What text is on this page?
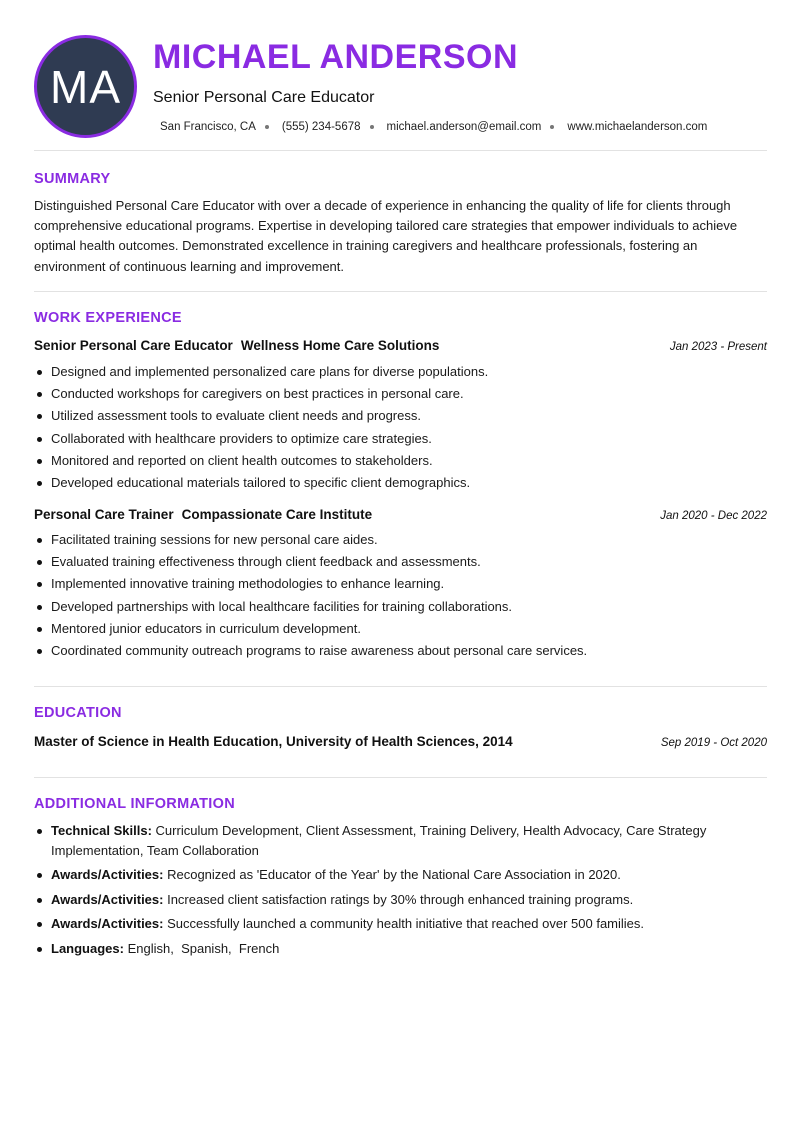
MA
MICHAEL ANDERSON
Senior Personal Care Educator
San Francisco, CA (555) 234-5678 michael.anderson@email.com www.michaelanderson.com
SUMMARY

Distinguished Personal Care Educator with over a decade of experience in enhancing the quality of life for clients through comprehensive educational programs. Expertise in developing tailored care strategies that empower individuals to achieve optimal health outcomes. Demonstrated excellence in training caregivers and healthcare professionals, fostering an environment of continuous learning and improvement.

WORK EXPERIENCE
Senior Personal Care Educator Wellness Home Care Solutions	Jan 2023 - Present
Designed and implemented personalized care plans for diverse populations.
Conducted workshops for caregivers on best practices in personal care.
Utilized assessment tools to evaluate client needs and progress.
Collaborated with healthcare providers to optimize care strategies.
Monitored and reported on client health outcomes to stakeholders.
Developed educational materials tailored to specific client demographics.
Personal Care Trainer Compassionate Care Institute	Jan 2020 - Dec 2022
Facilitated training sessions for new personal care aides.
Evaluated training effectiveness through client feedback and assessments.
Implemented innovative training methodologies to enhance learning.
Developed partnerships with local healthcare facilities for training collaborations.
Mentored junior educators in curriculum development.
Coordinated community outreach programs to raise awareness about personal care services.
EDUCATION
Master of Science in Health Education, University of Health Sciences, 2014	Sep 2019 - Oct 2020
ADDITIONAL INFORMATION
Technical Skills: Curriculum Development, Client Assessment, Training Delivery, Health Advocacy, Care Strategy Implementation, Team Collaboration
Awards/Activities: Recognized as 'Educator of the Year' by the National Care Association in 2020.
Awards/Activities: Increased client satisfaction ratings by 30% through enhanced training programs.
Awards/Activities: Successfully launched a community health initiative that reached over 500 families.
Languages: English,  Spanish,  French
